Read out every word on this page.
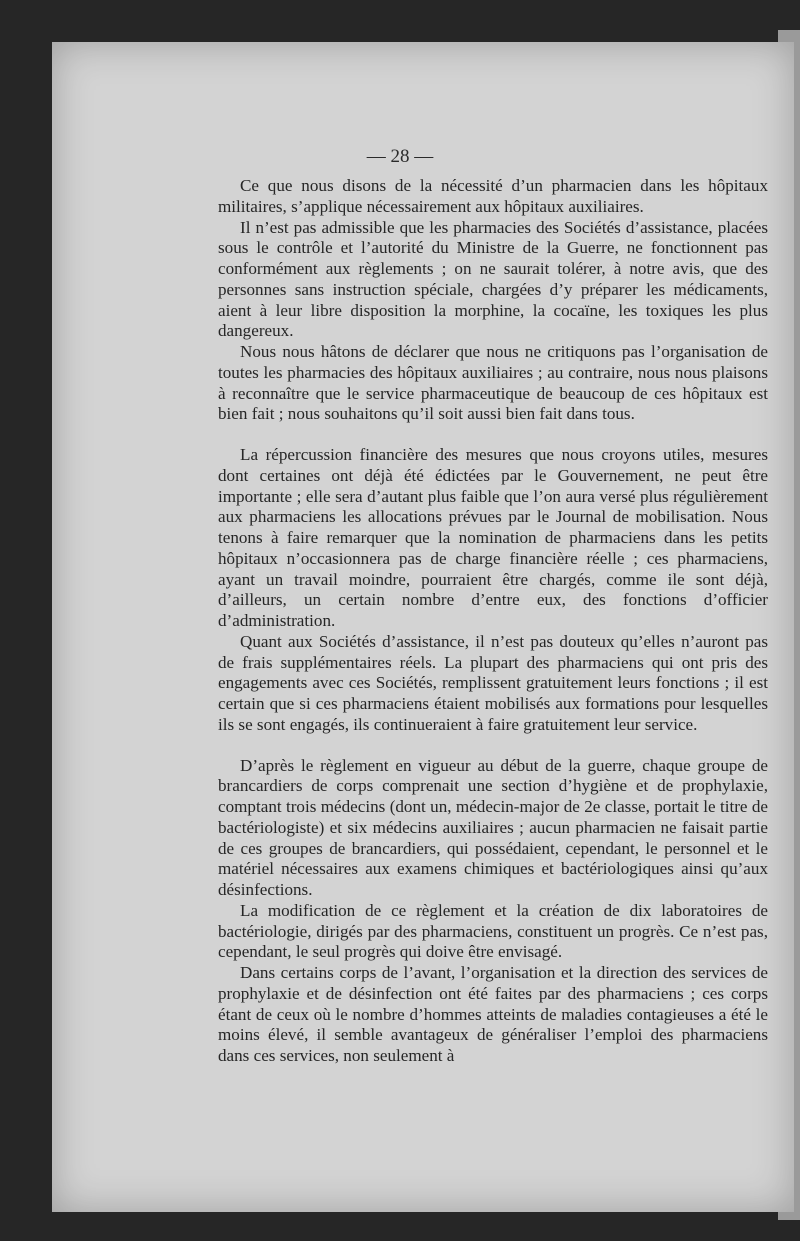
— 28 —

Ce que nous disons de la nécessité d’un pharmacien dans les hôpitaux militaires, s’applique nécessairement aux hôpitaux auxiliaires.

Il n’est pas admissible que les pharmacies des Sociétés d’assistance, placées sous le contrôle et l’autorité du Ministre de la Guerre, ne fonctionnent pas conformément aux règlements ; on ne saurait tolérer, à notre avis, que des personnes sans instruction spéciale, chargées d’y préparer les médicaments, aient à leur libre disposition la morphine, la cocaïne, les toxiques les plus dangereux.

Nous nous hâtons de déclarer que nous ne critiquons pas l’organisation de toutes les pharmacies des hôpitaux auxiliaires ; au contraire, nous nous plaisons à reconnaître que le service pharmaceutique de beaucoup de ces hôpitaux est bien fait ; nous souhaitons qu’il soit aussi bien fait dans tous.

La répercussion financière des mesures que nous croyons utiles, mesures dont certaines ont déjà été édictées par le Gouvernement, ne peut être importante ; elle sera d’autant plus faible que l’on aura versé plus régulièrement aux pharmaciens les allocations prévues par le Journal de mobilisation. Nous tenons à faire remarquer que la nomination de pharmaciens dans les petits hôpitaux n’occasionnera pas de charge financière réelle ; ces pharmaciens, ayant un travail moindre, pourraient être chargés, comme ile sont déjà, d’ailleurs, un certain nombre d’entre eux, des fonctions d’officier d’administration.

Quant aux Sociétés d’assistance, il n’est pas douteux qu’elles n’auront pas de frais supplémentaires réels. La plupart des pharmaciens qui ont pris des engagements avec ces Sociétés, remplissent gratuitement leurs fonctions ; il est certain que si ces pharmaciens étaient mobilisés aux formations pour lesquelles ils se sont engagés, ils continueraient à faire gratuitement leur service.

D’après le règlement en vigueur au début de la guerre, chaque groupe de brancardiers de corps comprenait une section d’hygiène et de prophylaxie, comptant trois médecins (dont un, médecin-major de 2e classe, portait le titre de bactériologiste) et six médecins auxiliaires ; aucun pharmacien ne faisait partie de ces groupes de brancardiers, qui possédaient, cependant, le personnel et le matériel nécessaires aux examens chimiques et bactériologiques ainsi qu’aux désinfections.

La modification de ce règlement et la création de dix laboratoires de bactériologie, dirigés par des pharmaciens, constituent un progrès. Ce n’est pas, cependant, le seul progrès qui doive être envisagé.

Dans certains corps de l’avant, l’organisation et la direction des services de prophylaxie et de désinfection ont été faites par des pharmaciens ; ces corps étant de ceux où le nombre d’hommes atteints de maladies contagieuses a été le moins élevé, il semble avantageux de généraliser l’emploi des pharmaciens dans ces services, non seulement à
